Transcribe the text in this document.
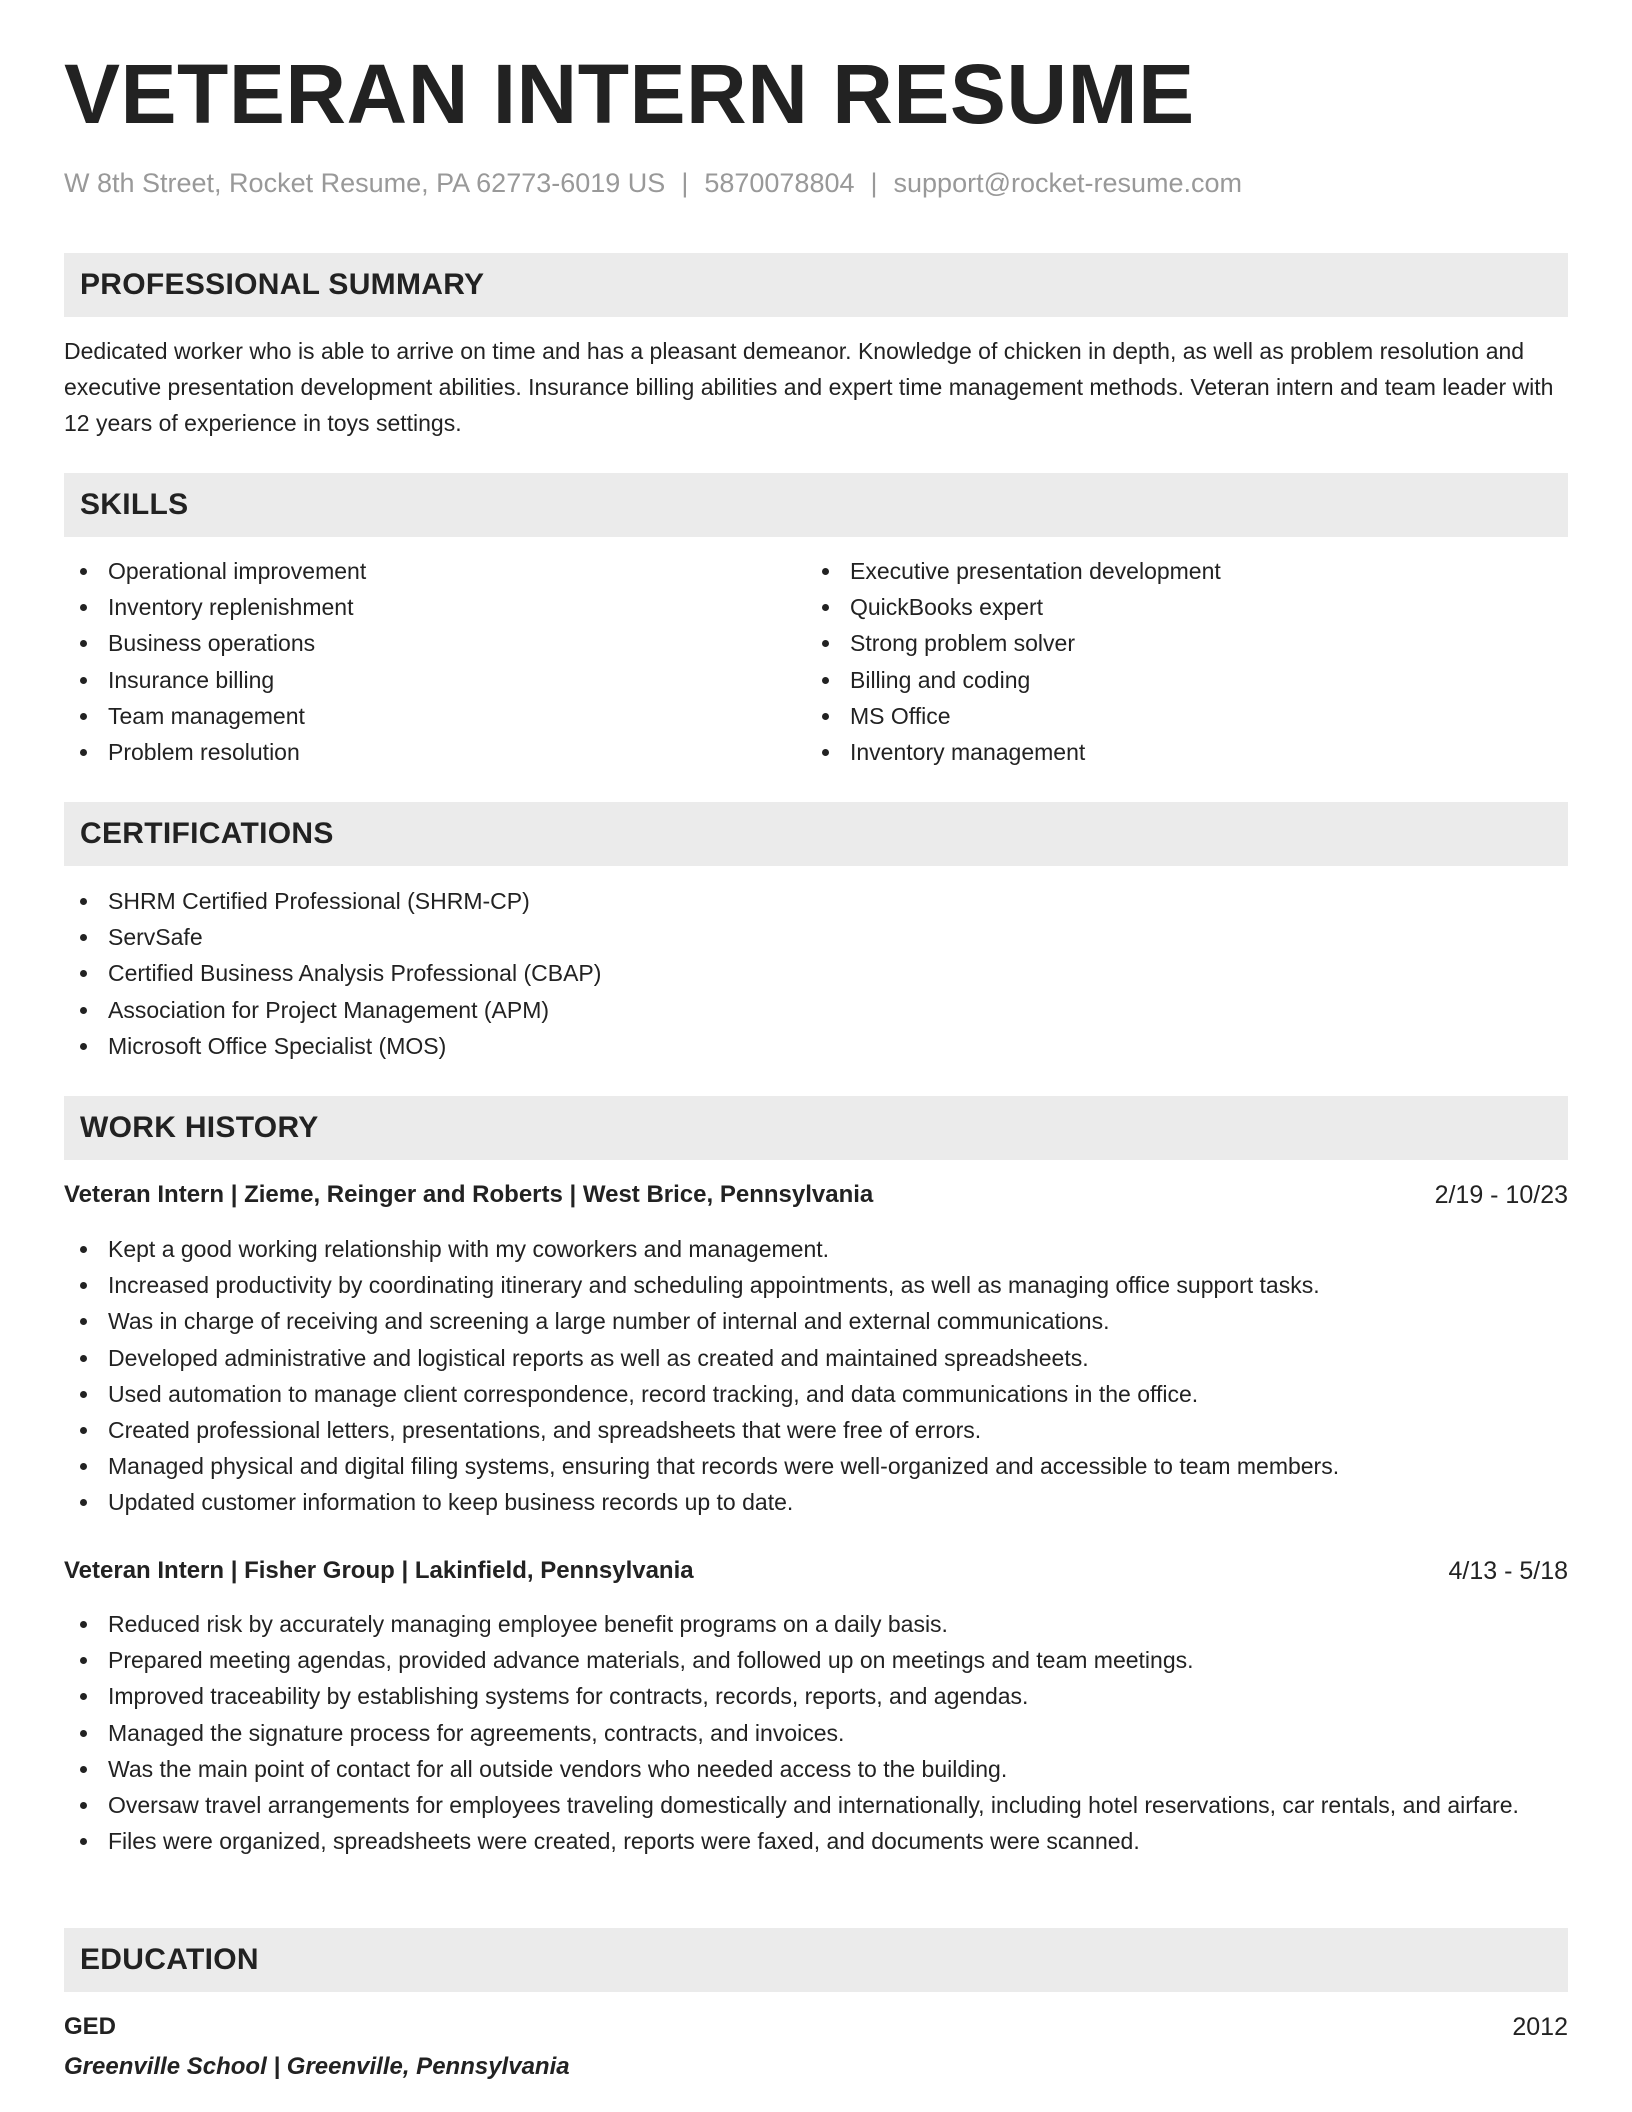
VETERAN INTERN RESUME
W 8th Street, Rocket Resume, PA 62773-6019 US | 5870078804 | support@rocket-resume.com
PROFESSIONAL SUMMARY
Dedicated worker who is able to arrive on time and has a pleasant demeanor. Knowledge of chicken in depth, as well as problem resolution and executive presentation development abilities. Insurance billing abilities and expert time management methods. Veteran intern and team leader with 12 years of experience in toys settings.
SKILLS
Operational improvement
Inventory replenishment
Business operations
Insurance billing
Team management
Problem resolution
Executive presentation development
QuickBooks expert
Strong problem solver
Billing and coding
MS Office
Inventory management
CERTIFICATIONS
SHRM Certified Professional (SHRM-CP)
ServSafe
Certified Business Analysis Professional (CBAP)
Association for Project Management (APM)
Microsoft Office Specialist (MOS)
WORK HISTORY
Veteran Intern | Zieme, Reinger and Roberts | West Brice, Pennsylvania	2/19 - 10/23
Kept a good working relationship with my coworkers and management.
Increased productivity by coordinating itinerary and scheduling appointments, as well as managing office support tasks.
Was in charge of receiving and screening a large number of internal and external communications.
Developed administrative and logistical reports as well as created and maintained spreadsheets.
Used automation to manage client correspondence, record tracking, and data communications in the office.
Created professional letters, presentations, and spreadsheets that were free of errors.
Managed physical and digital filing systems, ensuring that records were well-organized and accessible to team members.
Updated customer information to keep business records up to date.
Veteran Intern | Fisher Group | Lakinfield, Pennsylvania	4/13 - 5/18
Reduced risk by accurately managing employee benefit programs on a daily basis.
Prepared meeting agendas, provided advance materials, and followed up on meetings and team meetings.
Improved traceability by establishing systems for contracts, records, reports, and agendas.
Managed the signature process for agreements, contracts, and invoices.
Was the main point of contact for all outside vendors who needed access to the building.
Oversaw travel arrangements for employees traveling domestically and internationally, including hotel reservations, car rentals, and airfare.
Files were organized, spreadsheets were created, reports were faxed, and documents were scanned.
EDUCATION
GED	2012
Greenville School | Greenville, Pennsylvania
